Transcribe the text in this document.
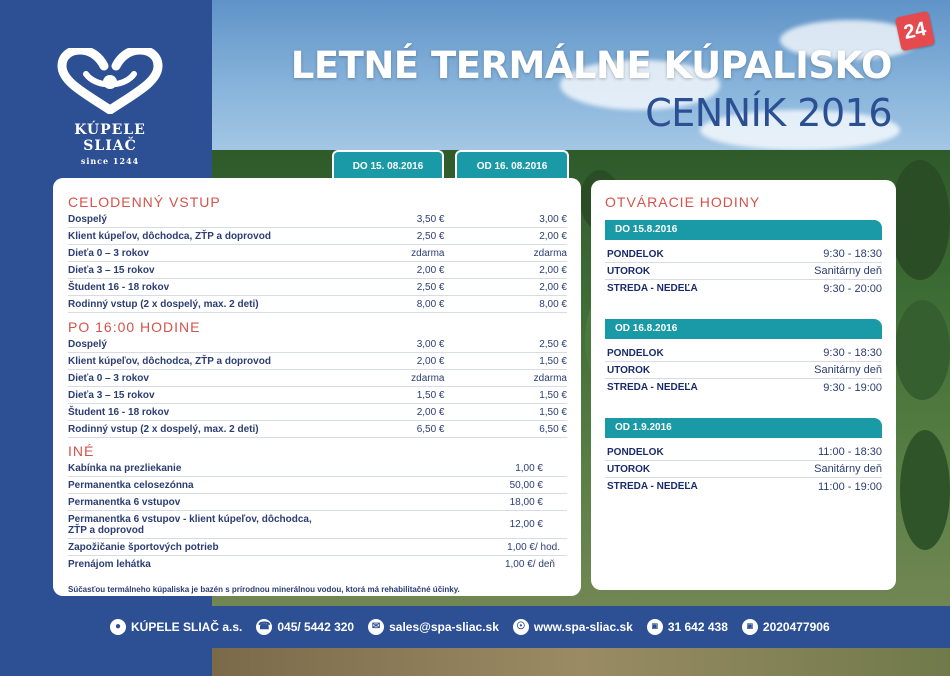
KÚPELE SLIAČ
since 1244
24
LETNÉ TERMÁLNE KÚPALISKO
CENNÍK 2016
DO 15. 08.2016	OD 16. 08.2016
CELODENNÝ VSTUP
Dospelý	3,50 €	3,00 €
Klient kúpeľov, dôchodca, ZŤP a doprovod	2,50 €	2,00 €
Dieťa 0 – 3 rokov	zdarma	zdarma
Dieťa 3 – 15 rokov	2,00 €	2,00 €
Študent 16 - 18 rokov	2,50 €	2,00 €
Rodinný vstup (2 x dospelý, max. 2 deti)	8,00 €	8,00 €
PO 16:00 HODINE
Dospelý	3,00 €	2,50 €
Klient kúpeľov, dôchodca, ZŤP a doprovod	2,00 €	1,50 €
Dieťa 0 – 3 rokov	zdarma	zdarma
Dieťa 3 – 15 rokov	1,50 €	1,50 €
Študent 16 - 18 rokov	2,00 €	1,50 €
Rodinný vstup (2 x dospelý, max. 2 deti)	6,50 €	6,50 €
INÉ
Kabínka na prezliekanie	1,00 €
Permanentka celosezónna	50,00 €
Permanentka 6 vstupov	18,00 €
Permanentka 6 vstupov - klient kúpeľov, dôchodca, ZŤP a doprovod	12,00 €
Zapožičanie športových potrieb	1,00 €/ hod.
Prenájom lehátka	1,00 €/ deň
Súčasťou termálneho kúpaliska je bazén s prírodnou minerálnou vodou, ktorá má rehabilitačné účinky.
OTVÁRACIE HODINY
DO 15.8.2016
PONDELOK	9:30 - 18:30
UTOROK	Sanitárny deň
STREDA - NEDEĽA	9:30 - 20:00
OD 16.8.2016
PONDELOK	9:30 - 18:30
UTOROK	Sanitárny deň
STREDA - NEDEĽA	9:30 - 19:00
OD 1.9.2016
PONDELOK	11:00 - 18:30
UTOROK	Sanitárny deň
STREDA - NEDEĽA	11:00 - 19:00
● KÚPELE SLIAČ a.s. ☎ 045/ 5442 320	✉ sales@spa-sliac.sk	☉ www.spa-sliac.sk	▣ 31 642 438	▣ 2020477906
